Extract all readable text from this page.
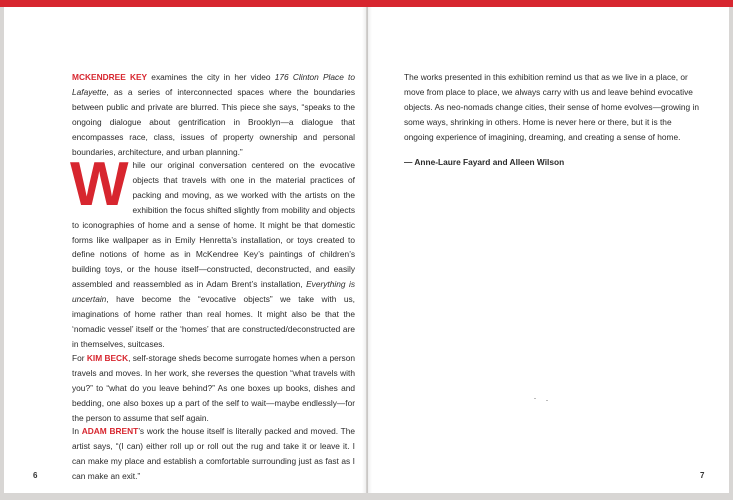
MCKENDREE KEY examines the city in her video 176 Clinton Place to Lafayette, as a series of interconnected spaces where the boundaries between public and private are blurred. This piece she says, “speaks to the ongoing dialogue about gentrification in Brooklyn—a dialogue that encompasses race, class, issues of property ownership and personal boundaries, architecture, and urban planning.”

While our original conversation centered on the evocative objects that travels with one in the material practices of packing and moving, as we worked with the artists on the exhibition the focus shifted slightly from mobility and objects to iconographies of home and a sense of home. It might be that domestic forms like wallpaper as in Emily Henretta’s installation, or toys created to define notions of home as in McKendree Key’s paintings of children’s building toys, or the house itself—constructed, deconstructed, and easily assembled and reassembled as in Adam Brent’s installation, Everything is uncertain, have become the “evocative objects” we take with us, imaginations of home rather than real homes. It might also be that the ‘nomadic vessel’ itself or the ‘homes’ that are constructed/deconstructed are in themselves, suitcases.

For KIM BECK, self-storage sheds become surrogate homes when a person travels and moves. In her work, she reverses the question “what travels with you?” to “what do you leave behind?” As one boxes up books, dishes and bedding, one also boxes up a part of the self to wait—maybe endlessly—for the person to assume that self again.

In ADAM BRENT’s work the house itself is literally packed and moved. The artist says, “(I can) either roll up or roll out the rug and take it or leave it. I can make my place and establish a comfortable surrounding just as fast as I can make an exit.”

6
The works presented in this exhibition remind us that as we live in a place, or move from place to place, we always carry with us and leave behind evocative objects. As neo-nomads change cities, their sense of home evolves—growing in some ways, shrinking in others. Home is never here or there, but it is the ongoing experience of imagining, dreaming, and creating a sense of home.
— Anne-Laure Fayard and Alleen Wilson
7
